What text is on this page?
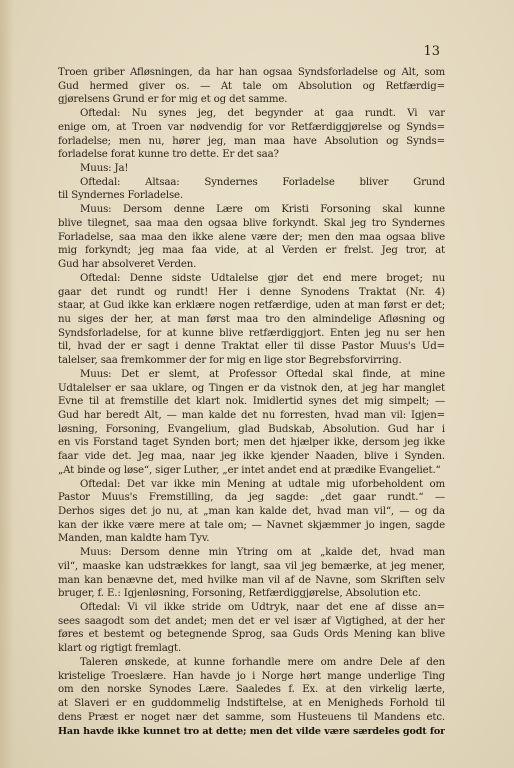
13
Troen griber Afløsningen, da har han ogsaa Syndsforladelse og Alt, som
Gud hermed giver os. — At tale om Absolution og Retfærdig=
gjørelsens Grund er for mig et og det samme.
Oftedal: Nu synes jeg, det begynder at gaa rundt. Vi var
enige om, at Troen var nødvendig for vor Retfærdiggjørelse og Synds=
forladelse; men nu, hører jeg, man maa have Absolution og Synds=
forladelse forat kunne tro dette. Er det saa?
Muus: Ja!
Oftedal: Altsaa: Syndernes Forladelse bliver Grund
til Syndernes Forladelse.
Muus: Dersom denne Lære om Kristi Forsoning skal kunne
blive tilegnet, saa maa den ogsaa blive forkyndt. Skal jeg tro Syndernes
Forladelse, saa maa den ikke alene være der; men den maa ogsaa blive
mig forkyndt; jeg maa faa vide, at al Verden er frelst. Jeg tror, at
Gud har absolveret Verden.
Oftedal: Denne sidste Udtalelse gjør det end mere broget; nu
gaar det rundt og rundt! Her i denne Synodens Traktat (Nr. 4)
staar, at Gud ikke kan erklære nogen retfærdige, uden at man først er det;
nu siges der her, at man først maa tro den almindelige Afløsning og
Syndsforladelse, for at kunne blive retfærdiggjort. Enten jeg nu ser hen
til, hvad der er sagt i denne Traktat eller til disse Pastor Muus's Ud=
talelser, saa fremkommer der for mig en lige stor Begrebsforvirring.
Muus: Det er slemt, at Professor Oftedal skal finde, at mine
Udtalelser er saa uklare, og Tingen er da vistnok den, at jeg har manglet
Evne til at fremstille det klart nok. Imidlertid synes det mig simpelt; —
Gud har beredt Alt, — man kalde det nu forresten, hvad man vil: Igjen=
løsning, Forsoning, Evangelium, glad Budskab, Absolution. Gud har i
en vis Forstand taget Synden bort; men det hjælper ikke, dersom jeg ikke
faar vide det. Jeg maa, naar jeg ikke kjender Naaden, blive i Synden.
„At binde og løse“, siger Luther, „er intet andet end at prædike Evangeliet.“
Oftedal: Det var ikke min Mening at udtale mig uforbeholdent om
Pastor Muus's Fremstilling, da jeg sagde: „det gaar rundt.“ —
Derhos siges det jo nu, at „man kan kalde det, hvad man vil“, — og da
kan der ikke være mere at tale om; — Navnet skjæmmer jo ingen, sagde
Manden, man kaldte ham Tyv.
Muus: Dersom denne min Ytring om at „kalde det, hvad man
vil“, maaske kan udstrækkes for langt, saa vil jeg bemærke, at jeg mener,
man kan benævne det, med hvilke man vil af de Navne, som Skriften selv
bruger, f. E.: Igjenløsning, Forsoning, Retfærdiggjørelse, Absolution etc.
Oftedal: Vi vil ikke stride om Udtryk, naar det ene af disse an=
sees saagodt som det andet; men det er vel især af Vigtighed, at der her
føres et bestemt og betegnende Sprog, saa Guds Ords Mening kan blive
klart og rigtigt fremlagt.
Taleren ønskede, at kunne forhandle mere om andre Dele af den
kristelige Troeslære. Han havde jo i Norge hørt mange underlige Ting
om den norske Synodes Lære. Saaledes f. Ex. at den virkelig lærte,
at Slaveri er en guddommelig Indstiftelse, at en Menigheds Forhold til
dens Præst er noget nær det samme, som Husteuens til Mandens etc.
Han havde ikke kunnet tro at dette; men det vilde være særdeles godt for
